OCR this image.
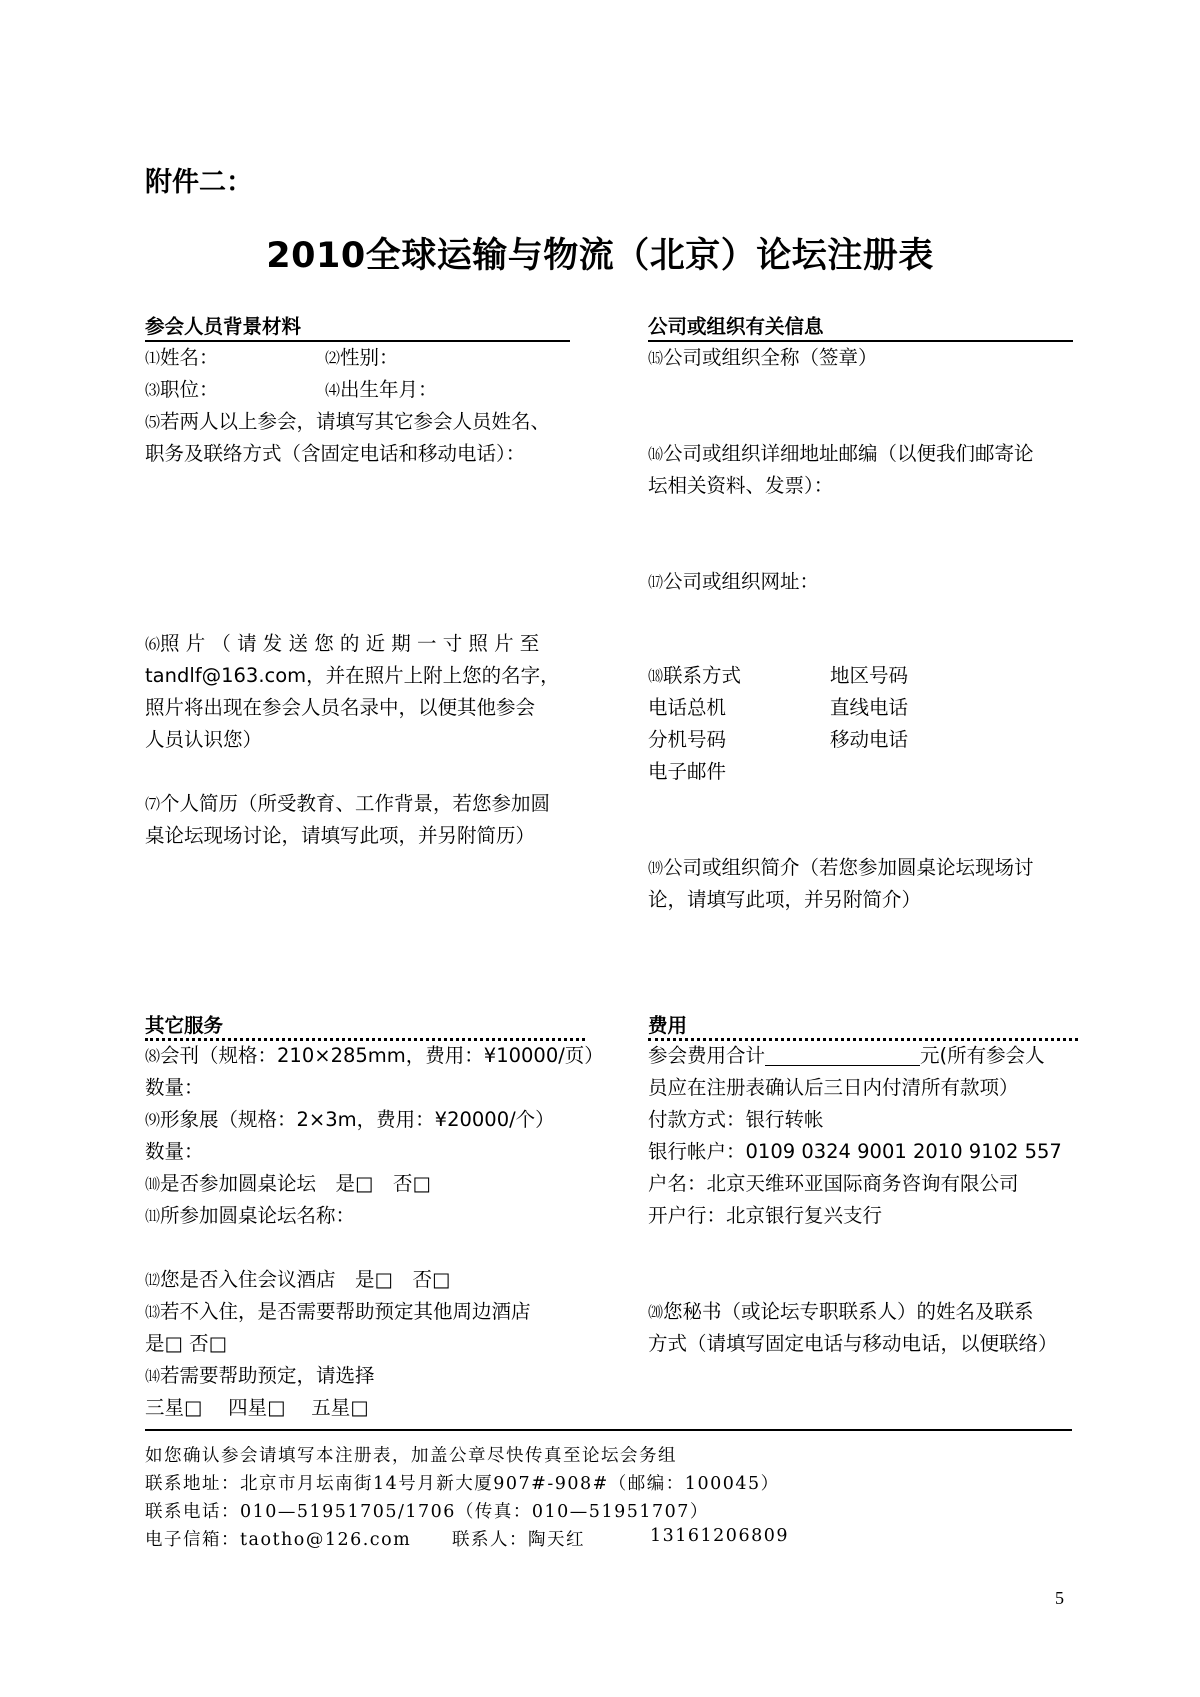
附件二：
2010全球运输与物流（北京）论坛注册表
参会人员背景材料
⑴姓名：	⑵性别：
⑶职位：	⑷出生年月：
⑸若两人以上参会，请填写其它参会人员姓名、
职务及联络方式（含固定电话和移动电话）：
⑹照 片 （ 请 发 送 您 的 近 期 一 寸 照 片 至
tandlf@163.com，并在照片上附上您的名字，
照片将出现在参会人员名录中，以便其他参会
人员认识您）
⑺个人简历（所受教育、工作背景，若您参加圆
桌论坛现场讨论，请填写此项，并另附简历）
公司或组织有关信息
⒂公司或组织全称（签章）
⒃公司或组织详细地址邮编（以便我们邮寄论
坛相关资料、发票）：
⒄公司或组织网址：
⒅联系方式	地区号码
电话总机	直线电话
分机号码	移动电话
电子邮件
⒆公司或组织简介（若您参加圆桌论坛现场讨
论，请填写此项，并另附简介）
其它服务
⑻会刊（规格：210×285mm，费用：¥10000/页）
数量：
⑼形象展（规格：2×3m，费用：¥20000/个）
数量：
⑽是否参加圆桌论坛　是□　否□
⑾所参加圆桌论坛名称：
⑿您是否入住会议酒店　是□　否□
⒀若不入住，是否需要帮助预定其他周边酒店
是□ 否□
⒁若需要帮助预定，请选择
三星□　 四星□　 五星□
费用
参会费用合计	元(所有参会人
员应在注册表确认后三日内付清所有款项）
付款方式：银行转帐
银行帐户：0109 0324 9001 2010 9102 557
户名：北京天维环亚国际商务咨询有限公司
开户行：北京银行复兴支行
⒇您秘书（或论坛专职联系人）的姓名及联系
方式（请填写固定电话与移动电话，以便联络）
如您确认参会请填写本注册表，加盖公章尽快传真至论坛会务组
联系地址：北京市月坛南街14号月新大厦907#-908#（邮编：100045）
联系电话：010—51951705/1706（传真：010—51951707）
电子信箱：taotho@126.com 联系人：陶天红	13161206809
5
